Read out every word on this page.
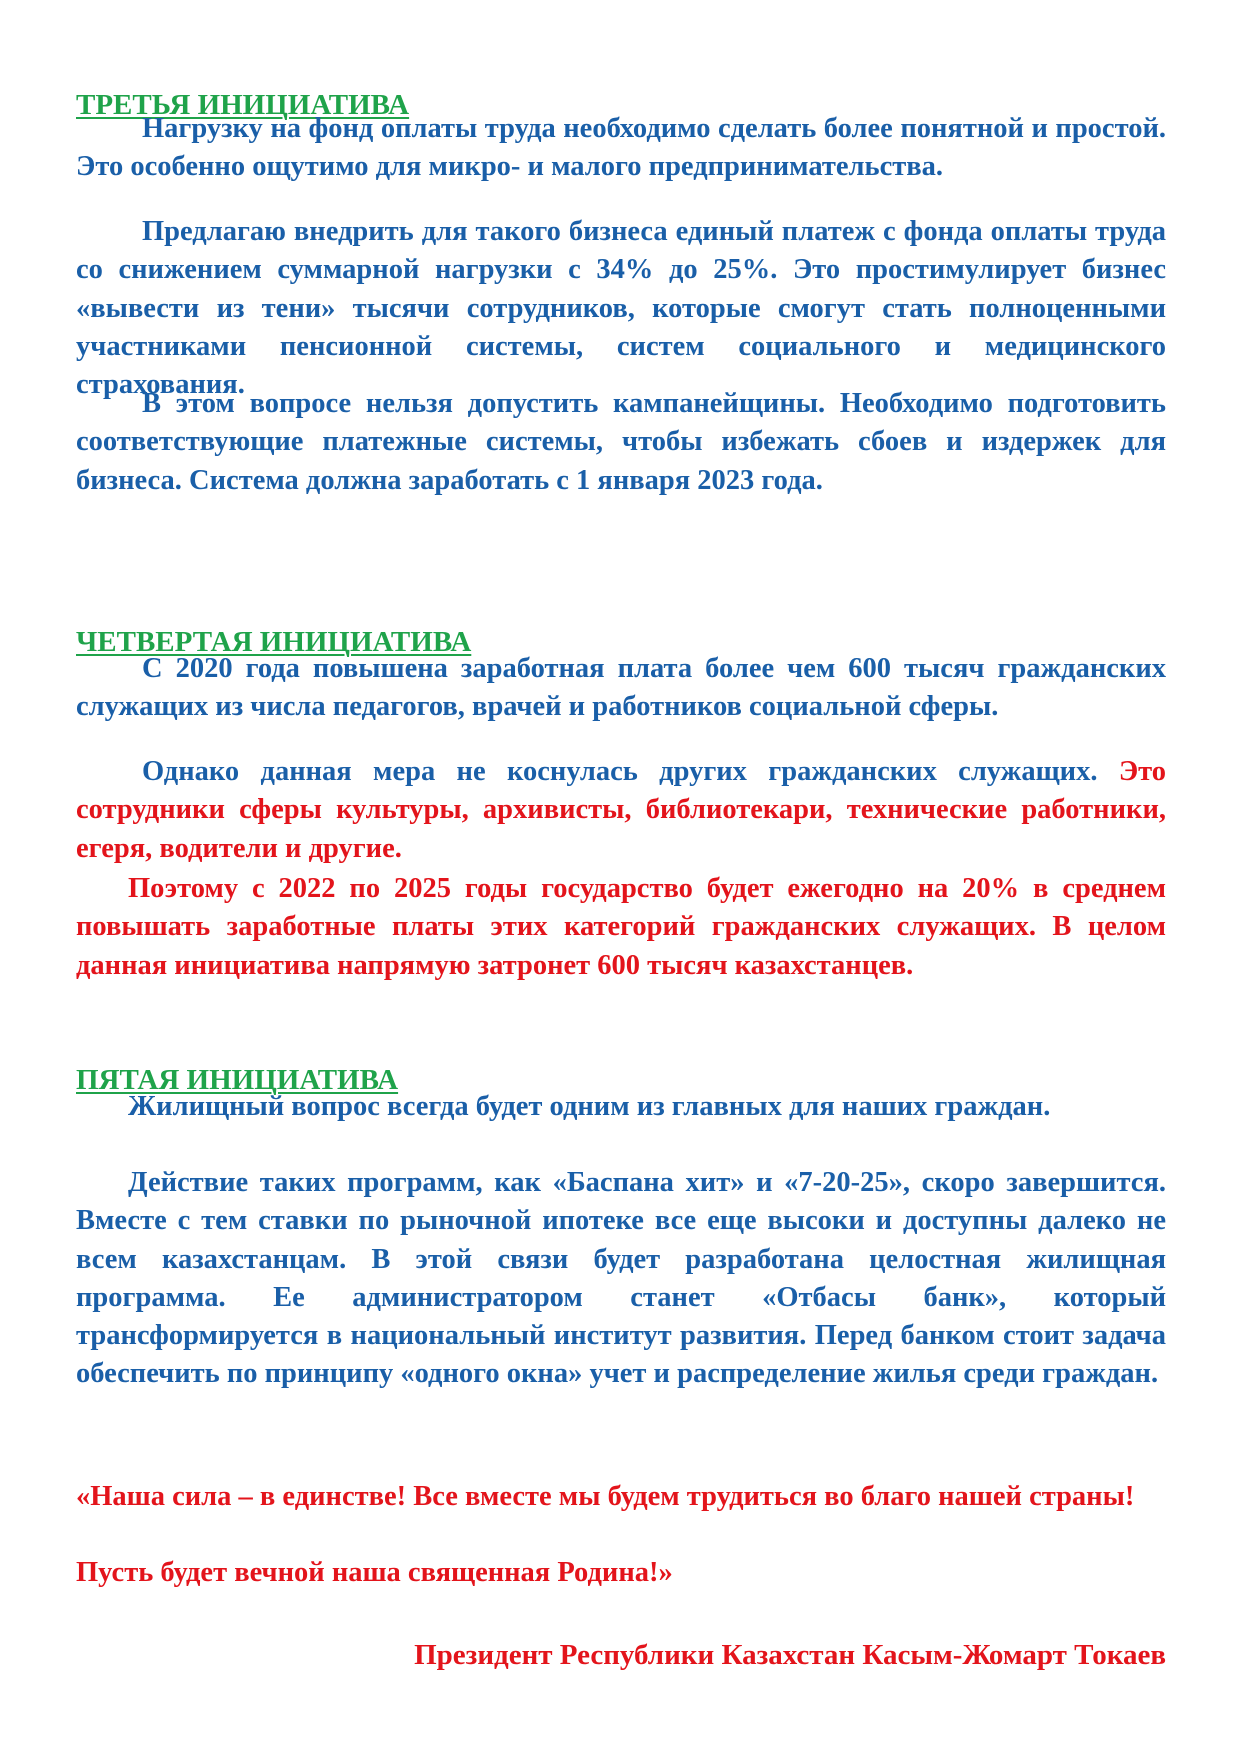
ТРЕТЬЯ ИНИЦИАТИВА

Нагрузку на фонд оплаты труда необходимо сделать более понятной и простой. Это особенно ощутимо для микро- и малого предпринимательства.

Предлагаю внедрить для такого бизнеса единый платеж с фонда оплаты труда со снижением суммарной нагрузки с 34% до 25%. Это простимулирует бизнес «вывести из тени» тысячи сотрудников, которые смогут стать полноценными участниками пенсионной системы, систем социального и медицинского страхования.

В этом вопросе нельзя допустить кампанейщины. Необходимо подготовить соответствующие платежные системы, чтобы избежать сбоев и издержек для бизнеса. Система должна заработать с 1 января 2023 года.

ЧЕТВЕРТАЯ ИНИЦИАТИВА

С 2020 года повышена заработная плата более чем 600 тысяч гражданских служащих из числа педагогов, врачей и работников социальной сферы.

Однако данная мера не коснулась других гражданских служащих. Это сотрудники сферы культуры, архивисты, библиотекари, технические работники, егеря, водители и другие.

Поэтому с 2022 по 2025 годы государство будет ежегодно на 20% в среднем повышать заработные платы этих категорий гражданских служащих. В целом данная инициатива напрямую затронет 600 тысяч казахстанцев.

ПЯТАЯ ИНИЦИАТИВА

Жилищный вопрос всегда будет одним из главных для наших граждан.

Действие таких программ, как «Баспана хит» и «7-20-25», скоро завершится. Вместе с тем ставки по рыночной ипотеке все еще высоки и доступны далеко не всем казахстанцам. В этой связи будет разработана целостная жилищная программа. Ее администратором станет «Отбасы банк», который трансформируется в национальный институт развития. Перед банком стоит задача обеспечить по принципу «одного окна» учет и распределение жилья среди граждан.

«Наша сила – в единстве! Все вместе мы будем трудиться во благо нашей страны!

Пусть будет вечной наша священная Родина!»

Президент Республики Казахстан Касым-Жомарт Токаев
